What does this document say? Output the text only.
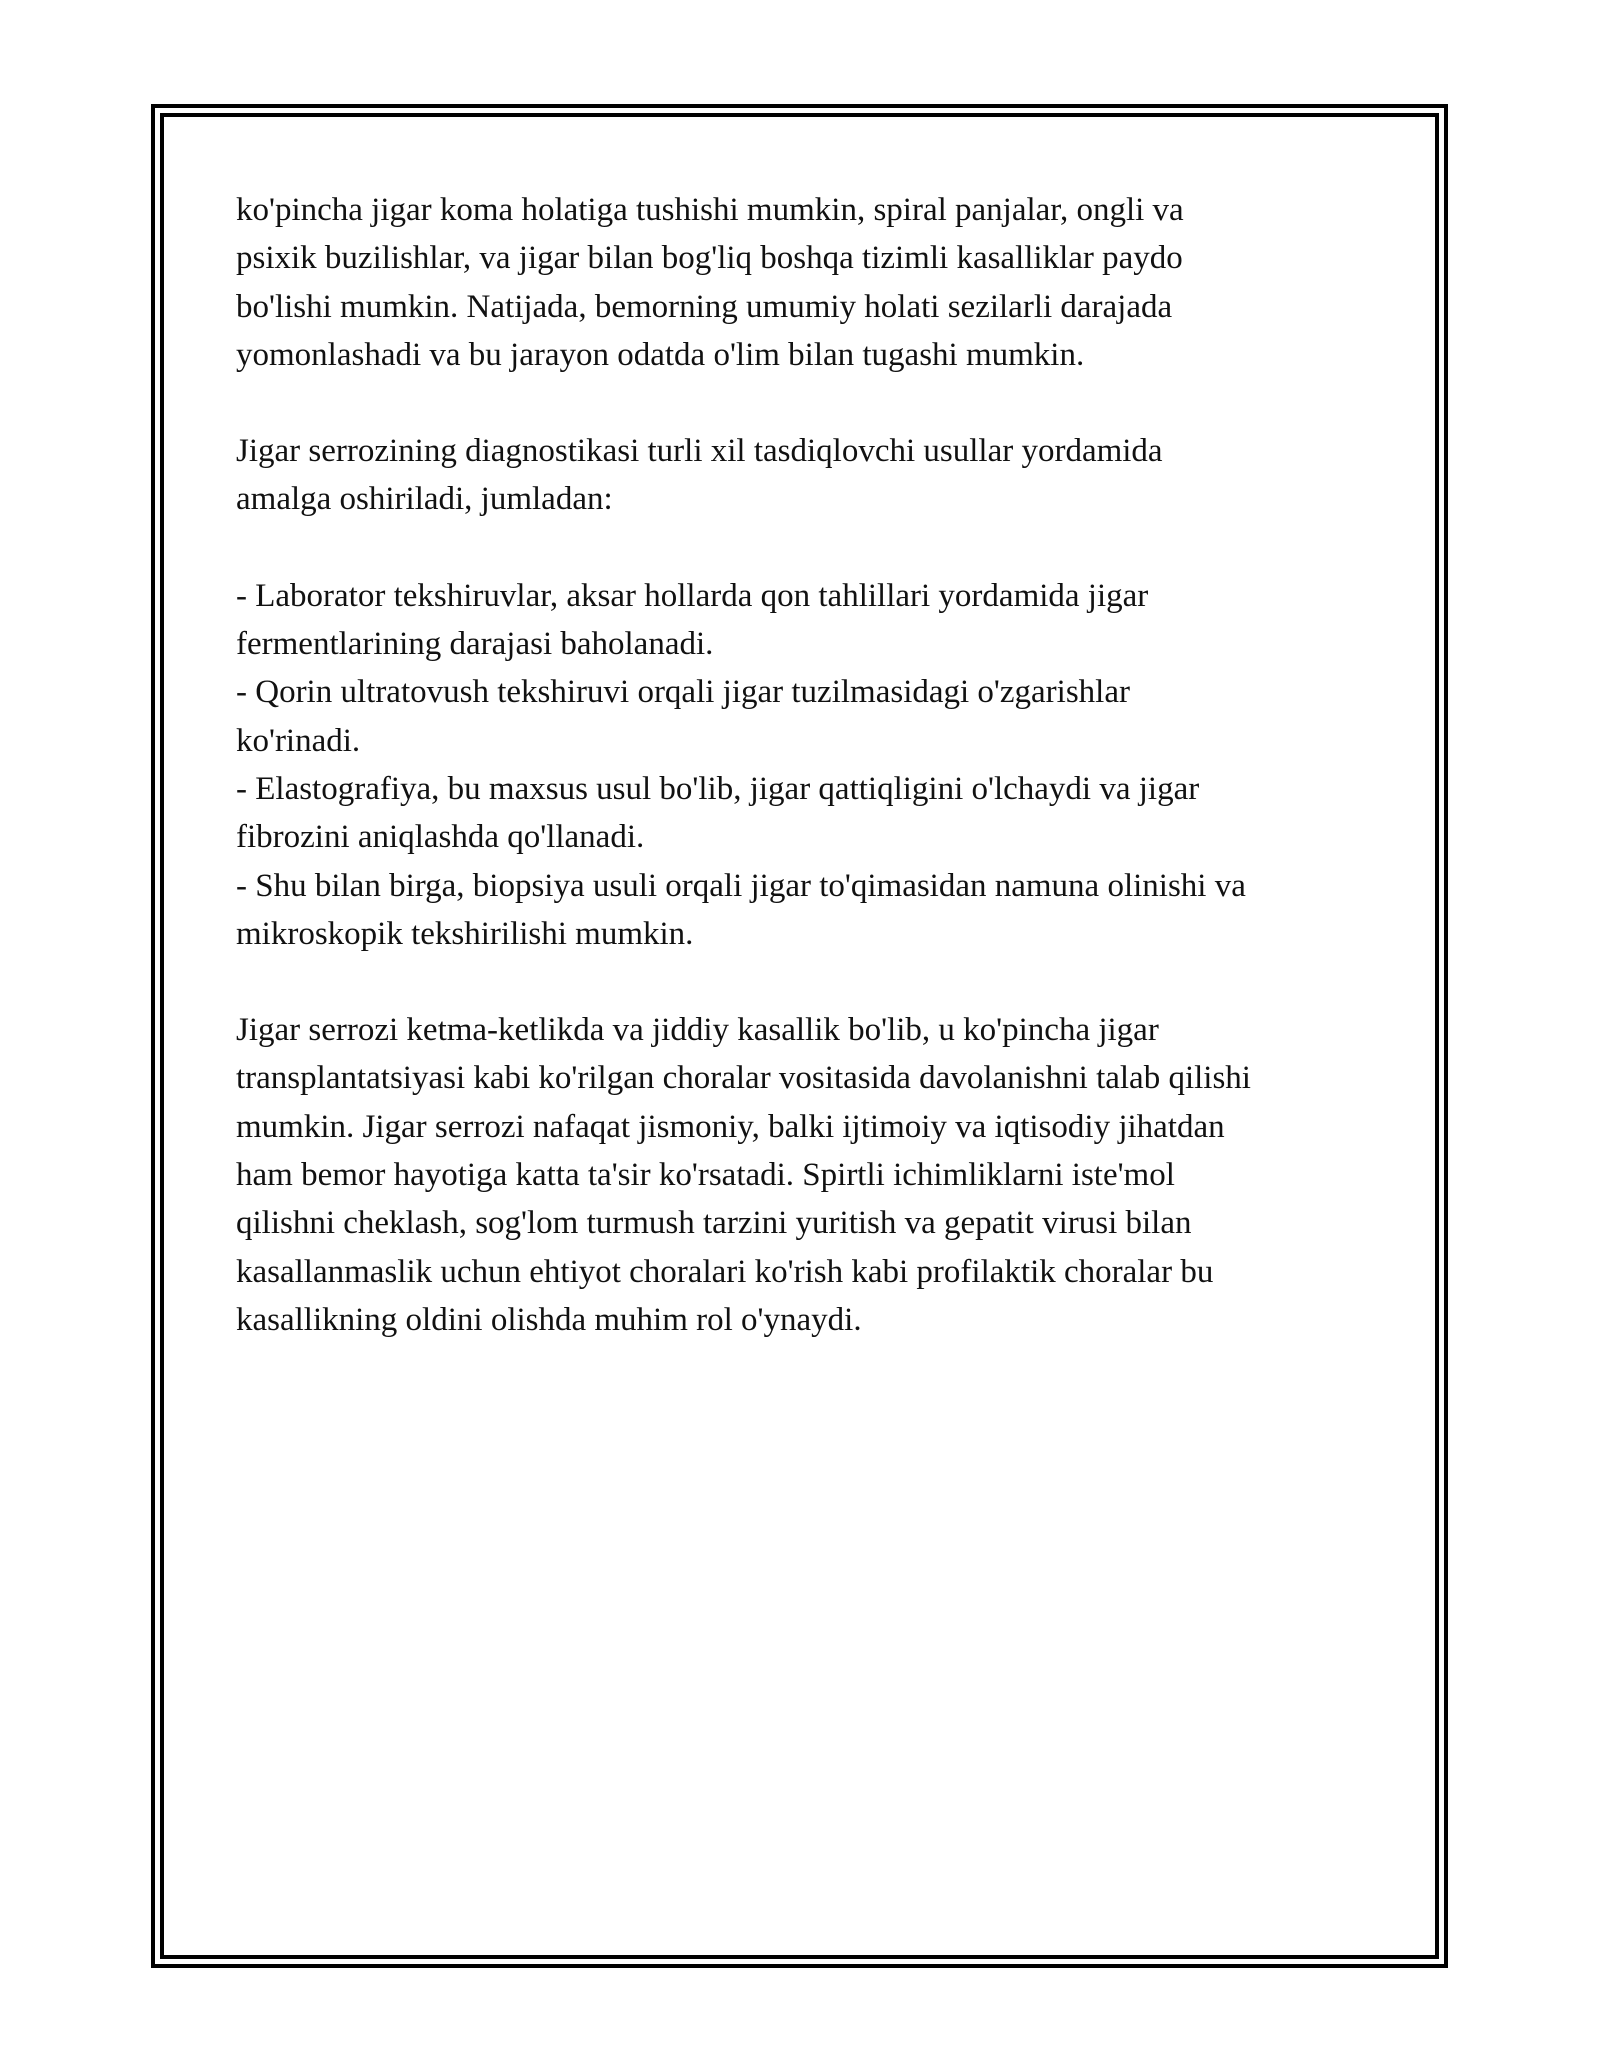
ko'pincha jigar koma holatiga tushishi mumkin, spiral panjalar, ongli va

psixik buzilishlar, va jigar bilan bog'liq boshqa tizimli kasalliklar paydo

bo'lishi mumkin. Natijada, bemorning umumiy holati sezilarli darajada

yomonlashadi va bu jarayon odatda o'lim bilan tugashi mumkin.

Jigar serrozining diagnostikasi turli xil tasdiqlovchi usullar yordamida

amalga oshiriladi, jumladan:

- Laborator tekshiruvlar, aksar hollarda qon tahlillari yordamida jigar

fermentlarining darajasi baholanadi.

- Qorin ultratovush tekshiruvi orqali jigar tuzilmasidagi o'zgarishlar

ko'rinadi.

- Elastografiya, bu maxsus usul bo'lib, jigar qattiqligini o'lchaydi va jigar

fibrozini aniqlashda qo'llanadi.

- Shu bilan birga, biopsiya usuli orqali jigar to'qimasidan namuna olinishi va

mikroskopik tekshirilishi mumkin.

Jigar serrozi ketma-ketlikda va jiddiy kasallik bo'lib, u ko'pincha jigar

transplantatsiyasi kabi ko'rilgan choralar vositasida davolanishni talab qilishi

mumkin. Jigar serrozi nafaqat jismoniy, balki ijtimoiy va iqtisodiy jihatdan

ham bemor hayotiga katta ta'sir ko'rsatadi. Spirtli ichimliklarni iste'mol

qilishni cheklash, sog'lom turmush tarzini yuritish va gepatit virusi bilan

kasallanmaslik uchun ehtiyot choralari ko'rish kabi profilaktik choralar bu

kasallikning oldini olishda muhim rol o'ynaydi.
